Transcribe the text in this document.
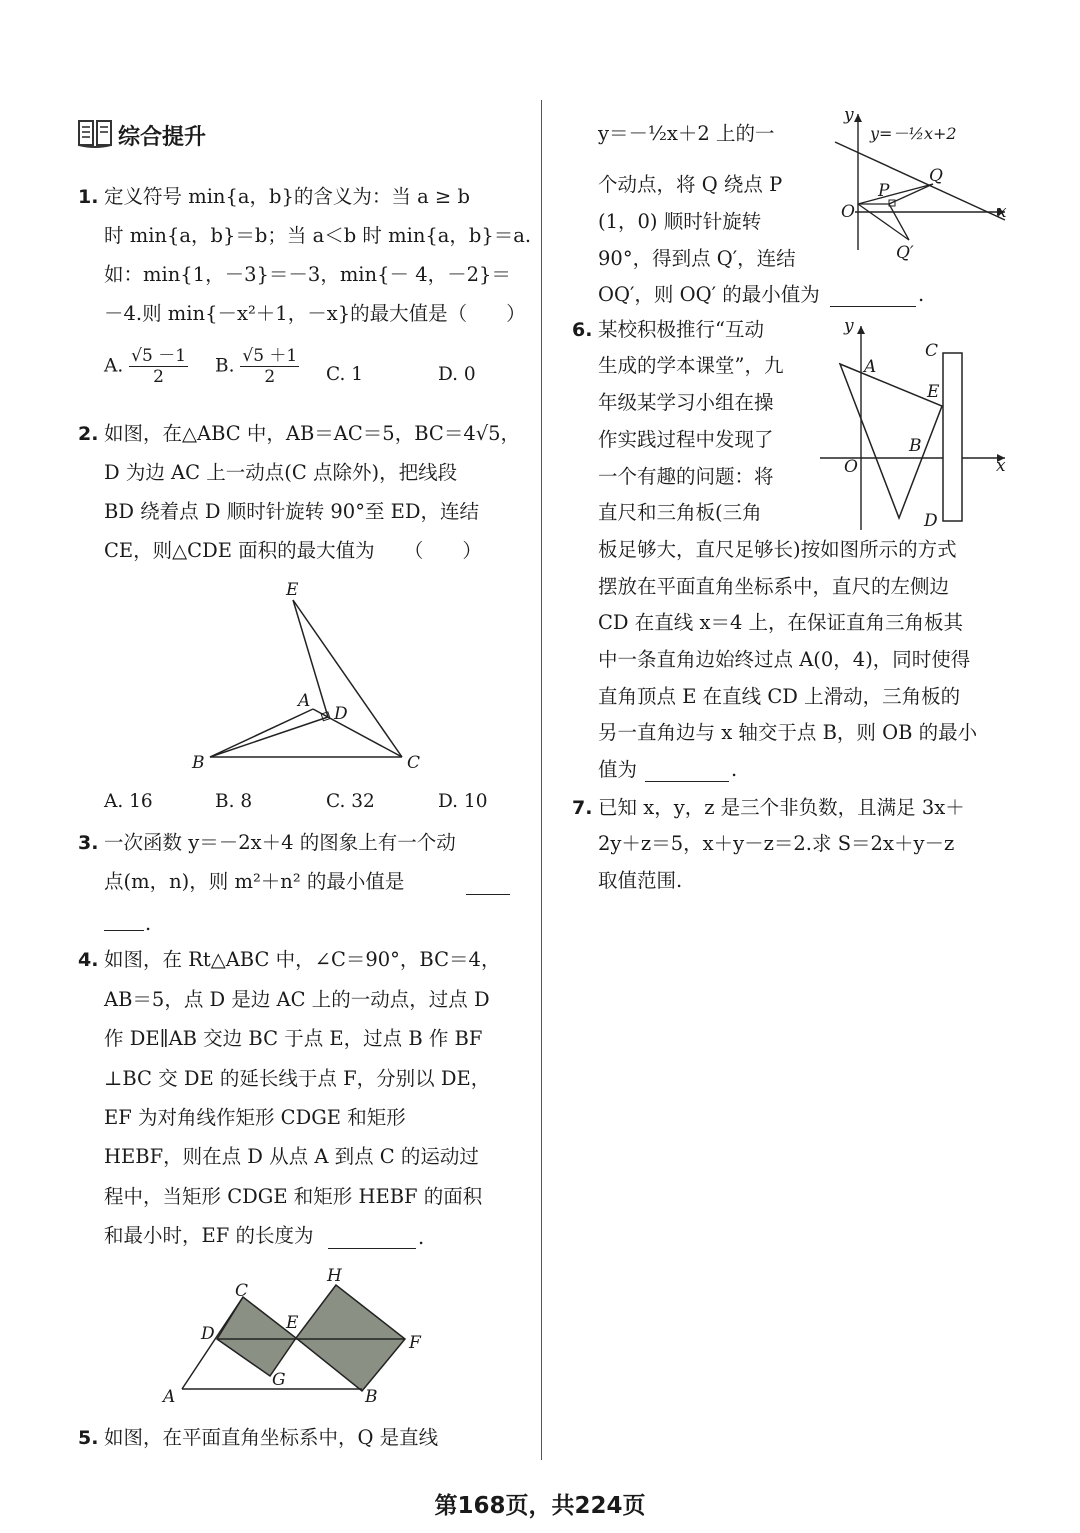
综合提升
1. 定义符号 min{a，b}的含义为：当 a ≥ b
时 min{a，b}＝b；当 a＜b 时 min{a，b}＝a.
如：min{1，－3}＝－3，min{－ 4，－2}＝
－4.则 min{－x²＋1，－x}的最大值是（　　）
A. $\frac{√5 -1}{2} B$. $\frac{√5 +1}{2} C$. 1	D. 0
2. 如图，在△ABC 中，AB＝AC＝5，BC＝4√5，
D 为边 AC 上一动点(C 点除外)，把线段
BD 绕着点 D 顺时针旋转 90°至 ED，连结
CE，则△CDE 面积的最大值为　　（　　）
E
A
D
B	C
A. 16	B. 8	C. 32	D. 10
3. 一次函数 y＝－2x＋4 的图象上有一个动
点(m，n)，则 m²＋n² 的最小值是
.
4. 如图，在 Rt△ABC 中，∠C＝90°，BC＝4，
AB＝5，点 D 是边 AC 上的一动点，过点 D
作 DE∥AB 交边 BC 于点 E，过点 B 作 BF
⊥BC 交 DE 的延长线于点 F，分别以 DE，
EF 为对角线作矩形 CDGE 和矩形
HEBF，则在点 D 从点 A 到点 C 的运动过
程中，当矩形 CDGE 和矩形 HEBF 的面积
和最小时，EF 的长度为	.
H
C
D
E
F
G
A	B
5. 如图，在平面直角坐标系中，Q 是直线
y＝－½x＋2 上的一
个动点，将 Q 绕点 P
(1，0) 顺时针旋转
90°，得到点 Q′，连结
OQ′，则 OQ′ 的最小值为	.
y
x
O
P
Q
Q′
y=－½x+2
6. 某校积极推行“互动
生成的学本课堂”，九
年级某学习小组在操
作实践过程中发现了
一个有趣的问题：将
直尺和三角板(三角
板足够大，直尺足够长)按如图所示的方式
摆放在平面直角坐标系中，直尺的左侧边
CD 在直线 x＝4 上，在保证直角三角板其
中一条直角边始终过点 A(0，4)，同时使得
直角顶点 E 在直线 CD 上滑动，三角板的
另一直角边与 x 轴交于点 B，则 OB 的最小
值为	.
y
x
O
A
B
C
D
E
7. 已知 x，y，z 是三个非负数，且满足 3x＋
2y＋z＝5，x＋y－z＝2.求 S＝2x＋y－z
取值范围.
第168页，共224页
